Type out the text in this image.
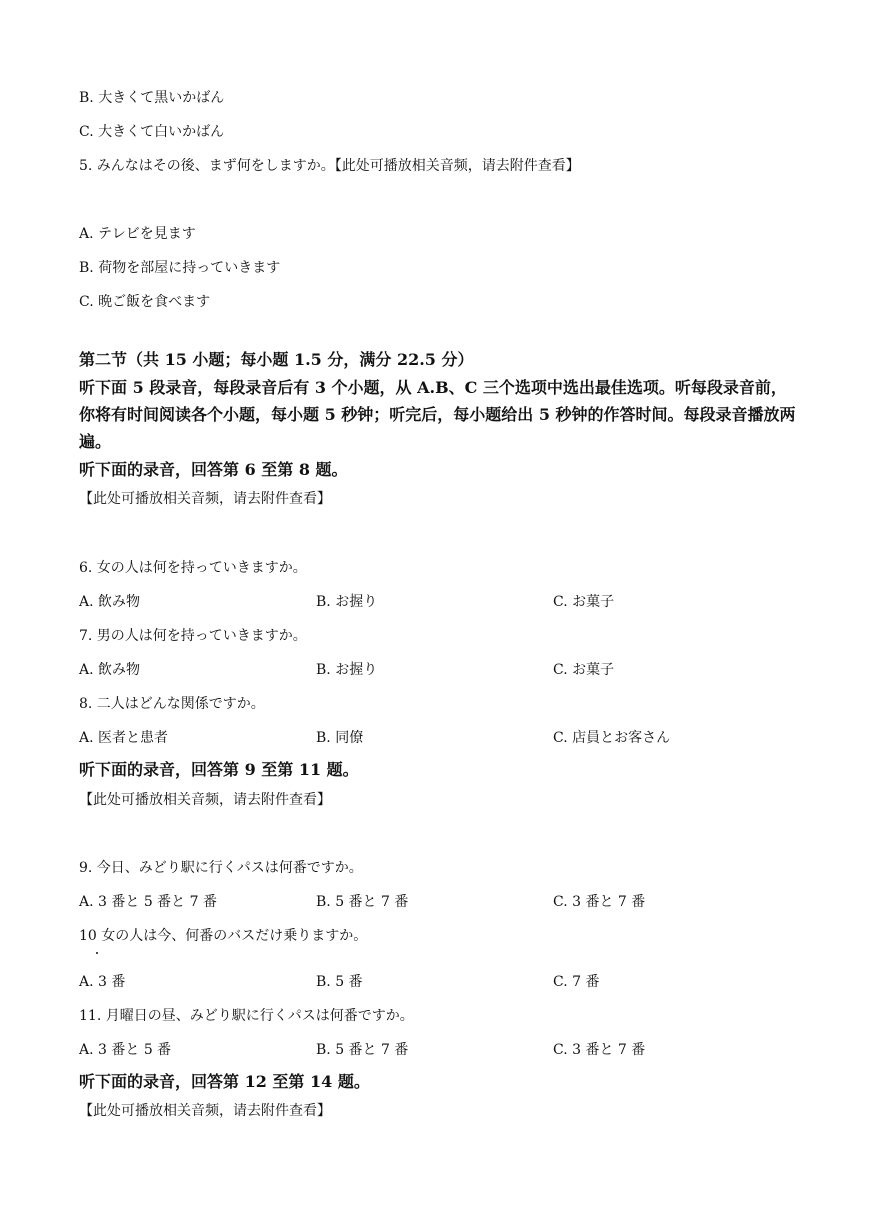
B. 大きくて黒いかばん
C. 大きくて白いかばん
5. みんなはその後、まず何をしますか。【此处可播放相关音频，请去附件查看】
A. テレビを見ます
B. 荷物を部屋に持っていきます
C. 晩ご飯を食べます
第二节（共 15 小题；每小题 1.5 分，满分 22.5 分）
听下面 5 段录音，每段录音后有 3 个小题，从 A.B、C 三个选项中选出最佳选项。听每段录音前，你将有时间阅读各个小题，每小题 5 秒钟；听完后，每小题给出 5 秒钟的作答时间。每段录音播放两遍。
听下面的录音，回答第 6 至第 8 题。
【此处可播放相关音频，请去附件查看】
6. 女の人は何を持っていきますか。
A. 飲み物	B. お握り	C. お菓子
7. 男の人は何を持っていきますか。
A. 飲み物	B. お握り	C. お菓子
8. 二人はどんな関係ですか。
A. 医者と患者	B. 同僚	C. 店員とお客さん
听下面的录音，回答第 9 至第 11 题。
【此处可播放相关音频，请去附件查看】
9. 今日、みどり駅に行くパスは何番ですか。
A. 3 番と 5 番と 7 番	B. 5 番と 7 番	C. 3 番と 7 番
10 女の人は今、何番のバスだけ乗りますか。
A. 3 番	B. 5 番	C. 7 番
11. 月曜日の昼、みどり駅に行くパスは何番ですか。
A. 3 番と 5 番	B. 5 番と 7 番	C. 3 番と 7 番
听下面的录音，回答第 12 至第 14 题。
【此处可播放相关音频，请去附件查看】
